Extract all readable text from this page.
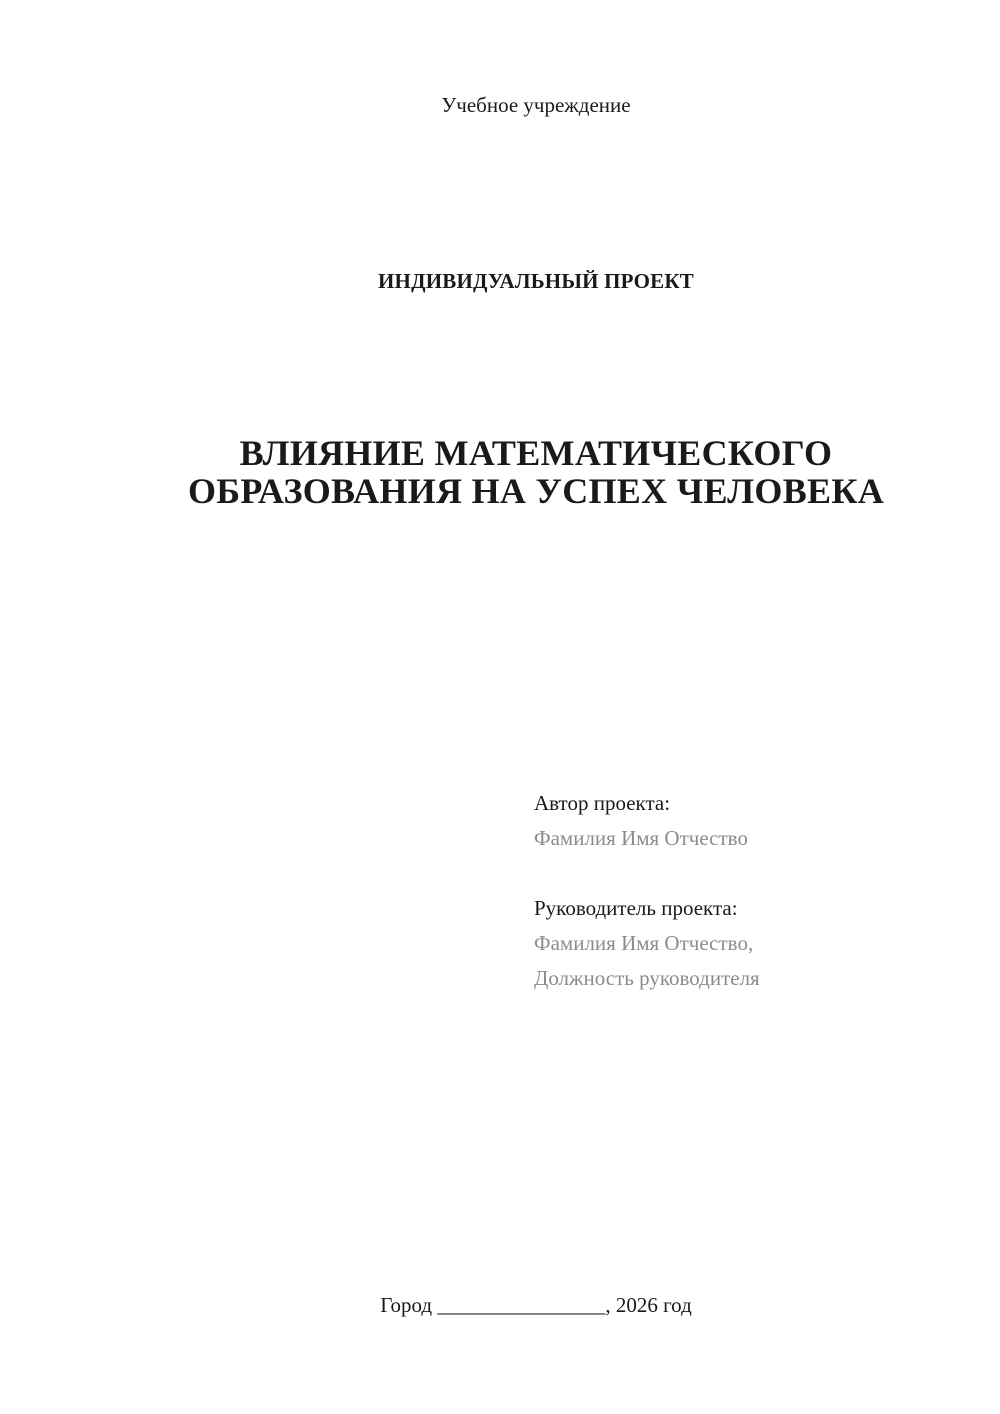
Учебное учреждение
ИНДИВИДУАЛЬНЫЙ ПРОЕКТ
ВЛИЯНИЕ МАТЕМАТИЧЕСКОГО
ОБРАЗОВАНИЯ НА УСПЕХ ЧЕЛОВЕКА
Автор проекта:
Фамилия Имя Отчество
Руководитель проекта:
Фамилия Имя Отчество,
Должность руководителя
Город ________________, 2026 год
